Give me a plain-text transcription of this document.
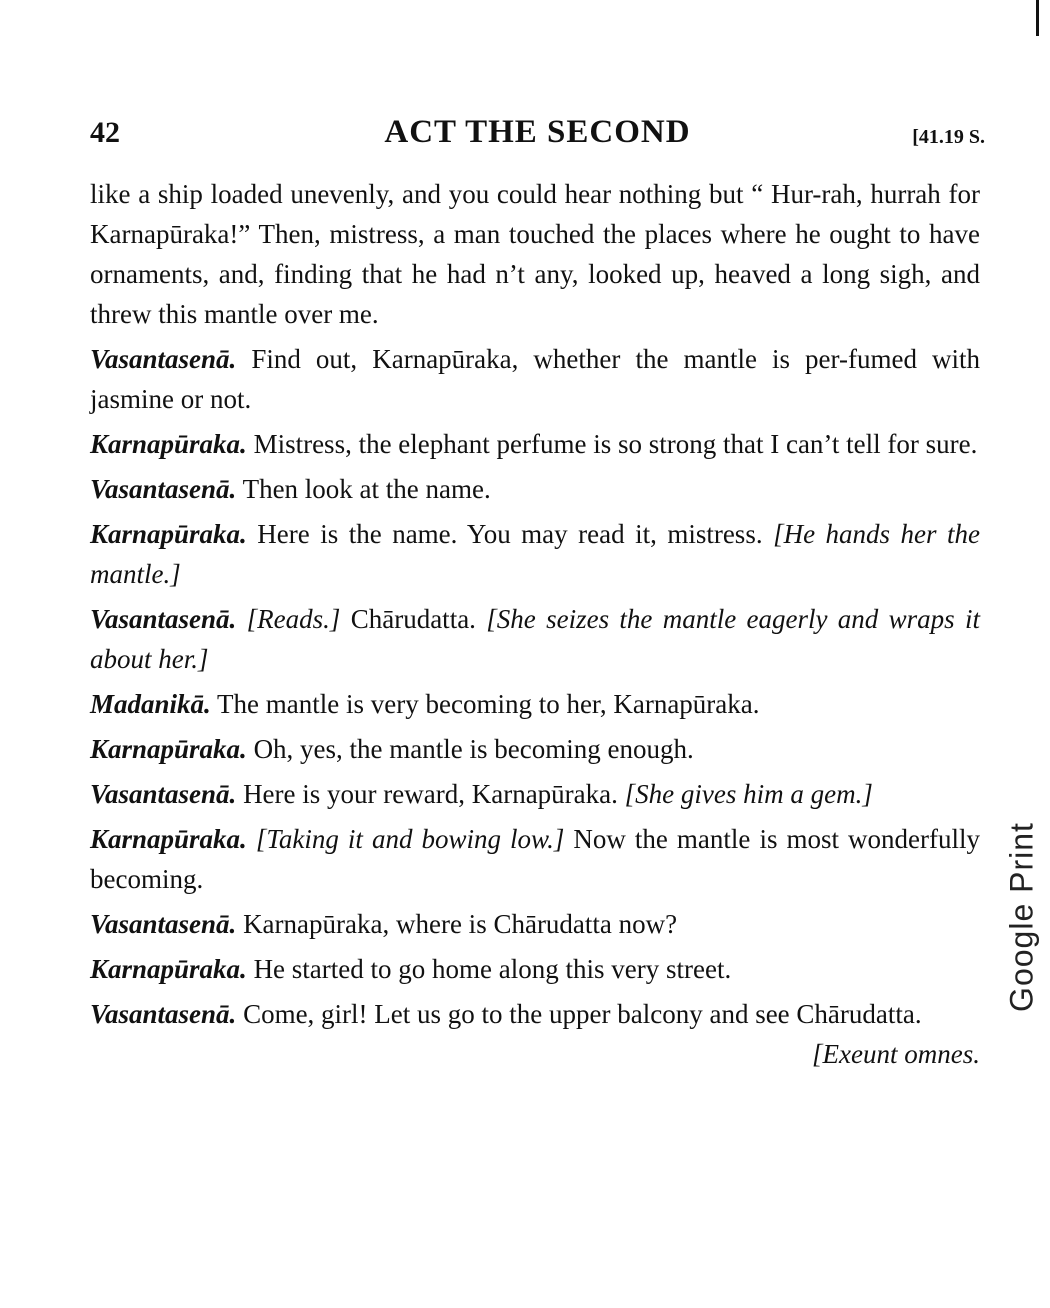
42	ACT THE SECOND	[41.19 S.

like a ship loaded unevenly, and you could hear nothing but “ Hur-rah, hurrah for Karnapūraka!” Then, mistress, a man touched the places where he ought to have ornaments, and, finding that he had n’t any, looked up, heaved a long sigh, and threw this mantle over me.

Vasantasenā. Find out, Karnapūraka, whether the mantle is per-fumed with jasmine or not.

Karnapūraka. Mistress, the elephant perfume is so strong that I can’t tell for sure.

Vasantasenā. Then look at the name.

Karnapūraka. Here is the name. You may read it, mistress. [He hands her the mantle.]

Vasantasenā. [Reads.] Chārudatta. [She seizes the mantle eagerly and wraps it about her.]

Madanikā. The mantle is very becoming to her, Karnapūraka.

Karnapūraka. Oh, yes, the mantle is becoming enough.

Vasantasenā. Here is your reward, Karnapūraka. [She gives him a gem.]

Karnapūraka. [Taking it and bowing low.] Now the mantle is most wonderfully becoming.

Vasantasenā. Karnapūraka, where is Chārudatta now?

Karnapūraka. He started to go home along this very street.

Vasantasenā. Come, girl! Let us go to the upper balcony and see Chārudatta.
[Exeunt omnes.

Google Print
